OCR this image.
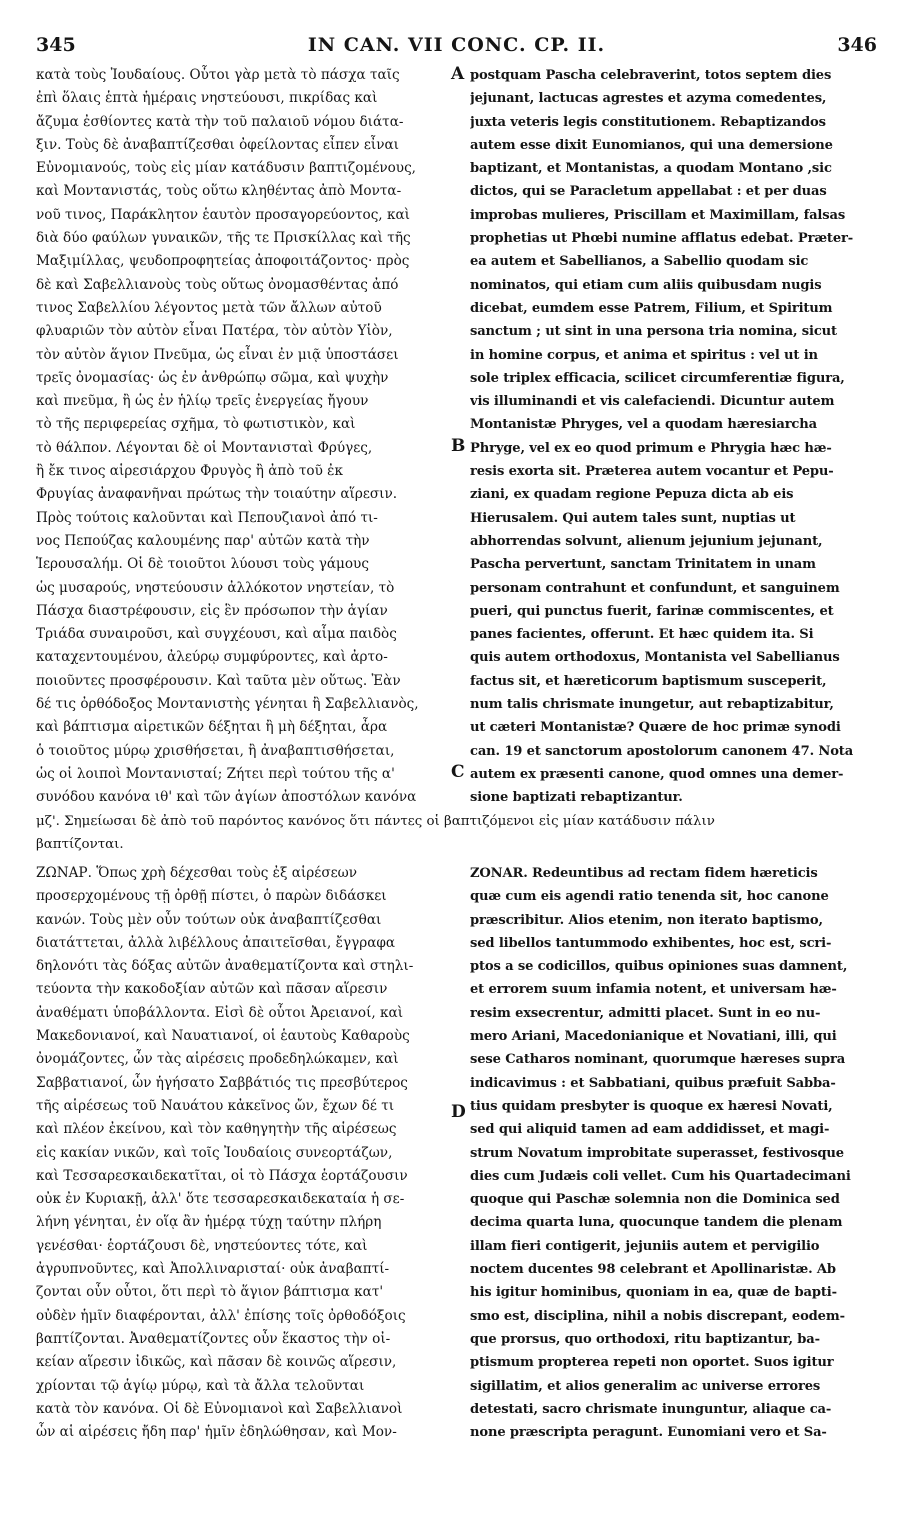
345	IN CAN. VII CONC. CP. II.	346
κατὰ τοὺς Ἰουδαίους. Οὗτοι γὰρ μετὰ τὸ πάσχα ταῖς
ἐπὶ ὅλαις ἑπτὰ ἡμέραις νηστεύουσι, πικρίδας καὶ
ἄζυμα ἐσθίοντες κατὰ τὴν τοῦ παλαιοῦ νόμου διάτα-
ξιν. Τοὺς δὲ ἀναβαπτίζεσθαι ὀφείλοντας εἶπεν εἶναι
Εὐνομιανούς, τοὺς εἰς μίαν κατάδυσιν βαπτιζομένους,
καὶ Μοντανιστάς, τοὺς οὕτω κληθέντας ἀπὸ Μοντα-
νοῦ τινος, Παράκλητον ἑαυτὸν προσαγορεύοντος, καὶ
διὰ δύο φαύλων γυναικῶν, τῆς τε Πρισκίλλας καὶ τῆς
Μαξιμίλλας, ψευδοπροφητείας ἀποφοιτάζοντος· πρὸς
δὲ καὶ Σαβελλιανοὺς τοὺς οὕτως ὀνομασθέντας ἀπό
τινος Σαβελλίου λέγοντος μετὰ τῶν ἄλλων αὐτοῦ
φλυαριῶν τὸν αὐτὸν εἶναι Πατέρα, τὸν αὐτὸν Υἱὸν,
τὸν αὐτὸν ἅγιον Πνεῦμα, ὡς εἶναι ἐν μιᾷ ὑποστάσει
τρεῖς ὀνομασίας· ὡς ἐν ἀνθρώπῳ σῶμα, καὶ ψυχὴν
καὶ πνεῦμα, ἢ ὡς ἐν ἡλίῳ τρεῖς ἐνεργείας ἤγουν
τὸ τῆς περιφερείας σχῆμα, τὸ φωτιστικὸν, καὶ
τὸ θάλπον. Λέγονται δὲ οἱ Μοντανισταὶ Φρύγες,
ἢ ἔκ τινος αἱρεσιάρχου Φρυγὸς ἢ ἀπὸ τοῦ ἐκ
Φρυγίας ἀναφανῆναι πρώτως τὴν τοιαύτην αἵρεσιν.
Πρὸς τούτοις καλοῦνται καὶ Πεπουζιανοὶ ἀπό τι-
νος Πεπούζας καλουμένης παρ' αὐτῶν κατὰ τὴν
Ἱερουσαλήμ. Οἱ δὲ τοιοῦτοι λύουσι τοὺς γάμους
ὡς μυσαρούς, νηστεύουσιν ἀλλόκοτον νηστείαν, τὸ
Πάσχα διαστρέφουσιν, εἰς ἓν πρόσωπον τὴν ἁγίαν
Τριάδα συναιροῦσι, καὶ συγχέουσι, καὶ αἷμα παιδὸς
καταχεντουμένου, ἀλεύρῳ συμφύροντες, καὶ ἀρτο-
ποιοῦντες προσφέρουσιν. Καὶ ταῦτα μὲν οὕτως. Ἐὰν
δέ τις ὀρθόδοξος Μοντανιστὴς γένηται ἢ Σαβελλιανὸς,
καὶ βάπτισμα αἱρετικῶν δέξηται ἢ μὴ δέξηται, ἆρα
ὁ τοιοῦτος μύρῳ χρισθήσεται, ἢ ἀναβαπτισθήσεται,
ὡς οἱ λοιποὶ Μοντανισταί; Ζήτει περὶ τούτου τῆς α'
συνόδου κανόνα ιθ' καὶ τῶν ἁγίων ἀποστόλων κανόνα
postquam Pascha celebraverint, totos septem dies
jejunant, lactucas agrestes et azyma comedentes,
juxta veteris legis constitutionem. Rebaptizandos
autem esse dixit Eunomianos, qui una demersione
baptizant, et Montanistas, a quodam Montano ,sic
dictos, qui se Paracletum appellabat : et per duas
improbas mulieres, Priscillam et Maximillam, falsas
prophetias ut Phœbi numine afflatus edebat. Præter-
ea autem et Sabellianos, a Sabellio quodam sic
nominatos, qui etiam cum aliis quibusdam nugis
dicebat, eumdem esse Patrem, Filium, et Spiritum
sanctum ; ut sint in una persona tria nomina, sicut
in homine corpus, et anima et spiritus : vel ut in
sole triplex efficacia, scilicet circumferentiæ figura,
vis illuminandi et vis calefaciendi. Dicuntur autem
Montanistæ Phryges, vel a quodam hæresiarcha
Phryge, vel ex eo quod primum e Phrygia hæc hæ-
resis exorta sit. Præterea autem vocantur et Pepu-
ziani, ex quadam regione Pepuza dicta ab eis
Hierusalem. Qui autem tales sunt, nuptias ut
abhorrendas solvunt, alienum jejunium jejunant,
Pascha pervertunt, sanctam Trinitatem in unam
personam contrahunt et confundunt, et sanguinem
pueri, qui punctus fuerit, farinæ commiscentes, et
panes facientes, offerunt. Et hæc quidem ita. Si
quis autem orthodoxus, Montanista vel Sabellianus
factus sit, et hæreticorum baptismum susceperit,
num talis chrismate inungetur, aut rebaptizabitur,
ut cæteri Montanistæ? Quære de hoc primæ synodi
can. 19 et sanctorum apostolorum canonem 47. Nota
autem ex præsenti canone, quod omnes una demer-
sione baptizati rebaptizantur.
A
B
C
D
μζ'. Σημείωσαι δὲ ἀπὸ τοῦ παρόντος κανόνος ὅτι πάντες οἱ βαπτιζόμενοι εἰς μίαν κατάδυσιν πάλιν
βαπτίζονται.
ΖΩΝΑΡ. Ὅπως χρὴ δέχεσθαι τοὺς ἐξ αἱρέσεων
προσερχομένους τῇ ὀρθῇ πίστει, ὁ παρὼν διδάσκει
κανών. Τοὺς μὲν οὖν τούτων οὐκ ἀναβαπτίζεσθαι
διατάττεται, ἀλλὰ λιβέλλους ἀπαιτεῖσθαι, ἔγγραφα
δηλονότι τὰς δόξας αὐτῶν ἀναθεματίζοντα καὶ στηλι-
τεύοντα τὴν κακοδοξίαν αὐτῶν καὶ πᾶσαν αἵρεσιν
ἀναθέματι ὑποβάλλοντα. Εἰσὶ δὲ οὗτοι Ἀρειανοί, καὶ
Μακεδονιανοί, καὶ Ναυατιανοί, οἱ ἑαυτοὺς Καθαροὺς
ὀνομάζοντες, ὧν τὰς αἱρέσεις προδεδηλώκαμεν, καὶ
Σαββατιανοί, ὧν ἡγήσατο Σαββάτιός τις πρεσβύτερος
τῆς αἱρέσεως τοῦ Ναυάτου κἀκεῖνος ὤν, ἔχων δέ τι
καὶ πλέον ἐκείνου, καὶ τὸν καθηγητὴν τῆς αἱρέσεως
εἰς κακίαν νικῶν, καὶ τοῖς Ἰουδαίοις συνεορτάζων,
καὶ Τεσσαρεσκαιδεκατῖται, οἱ τὸ Πάσχα ἑορτάζουσιν
οὐκ ἐν Κυριακῇ, ἀλλ' ὅτε τεσσαρεσκαιδεκαταία ἡ σε-
λήνη γένηται, ἐν οἵᾳ ἂν ἡμέρᾳ τύχῃ ταύτην πλήρη
γενέσθαι· ἑορτάζουσι δὲ, νηστεύοντες τότε, καὶ
ἀγρυπνοῦντες, καὶ Ἀπολλιναρισταί· οὐκ ἀναβαπτί-
ζονται οὖν οὗτοι, ὅτι περὶ τὸ ἅγιον βάπτισμα κατ'
οὐδὲν ἡμῖν διαφέρονται, ἀλλ' ἐπίσης τοῖς ὀρθοδόξοις
βαπτίζονται. Ἀναθεματίζοντες οὖν ἕκαστος τὴν οἰ-
κείαν αἵρεσιν ἰδικῶς, καὶ πᾶσαν δὲ κοινῶς αἵρεσιν,
χρίονται τῷ ἁγίῳ μύρῳ, καὶ τὰ ἄλλα τελοῦνται
κατὰ τὸν κανόνα. Οἱ δὲ Εὐνομιανοὶ καὶ Σαβελλιανοὶ
ὧν αἱ αἱρέσεις ἤδη παρ' ἡμῖν ἐδηλώθησαν, καὶ Μον-
ZONAR. Redeuntibus ad rectam fidem hæreticis
quæ cum eis agendi ratio tenenda sit, hoc canone
præscribitur. Alios etenim, non iterato baptismo,
sed libellos tantummodo exhibentes, hoc est, scri-
ptos a se codicillos, quibus opiniones suas damnent,
et errorem suum infamia notent, et universam hæ-
resim exsecrentur, admitti placet. Sunt in eo nu-
mero Ariani, Macedonianique et Novatiani, illi, qui
sese Catharos nominant, quorumque hæreses supra
indicavimus : et Sabbatiani, quibus præfuit Sabba-
tius quidam presbyter is quoque ex hæresi Novati,
sed qui aliquid tamen ad eam addidisset, et magi-
strum Novatum improbitate superasset, festivosque
dies cum Judæis coli vellet. Cum his Quartadecimani
quoque qui Paschæ solemnia non die Dominica sed
decima quarta luna, quocunque tandem die plenam
illam fieri contigerit, jejuniis autem et pervigilio
noctem ducentes 98 celebrant et Apollinaristæ. Ab
his igitur hominibus, quoniam in ea, quæ de bapti-
smo est, disciplina, nihil a nobis discrepant, eodem-
que prorsus, quo orthodoxi, ritu baptizantur, ba-
ptismum propterea repeti non oportet. Suos igitur
sigillatim, et alios generalim ac universe errores
detestati, sacro chrismate inunguntur, aliaque ca-
none præscripta peragunt. Eunomiani vero et Sa-
